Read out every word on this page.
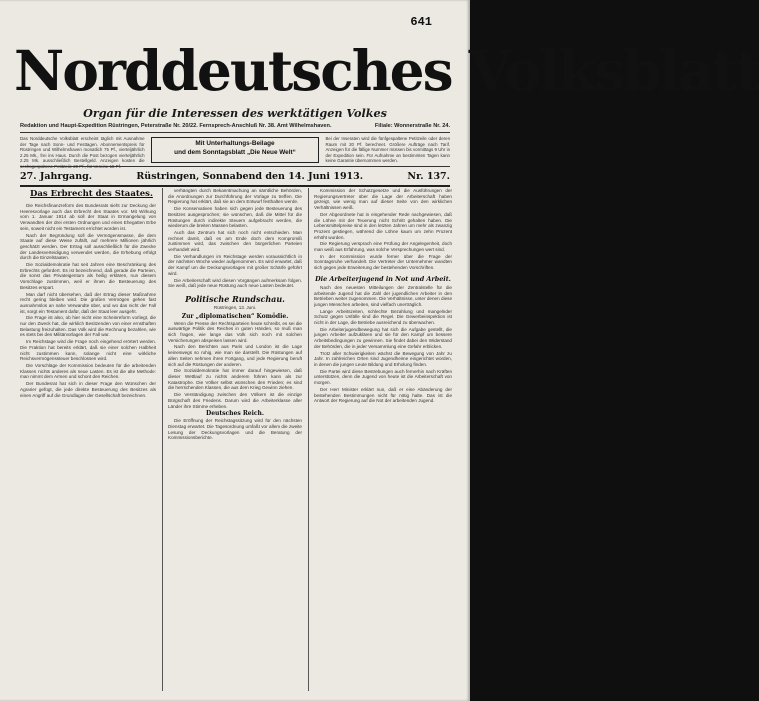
641
Norddeutsches Volksblatt
Organ für die Interessen des werktätigen Volkes
Redaktion und Haupt-Expedition Rüstringen, Peterstraße Nr. 20/22. Fernsprech-Anschluß Nr. 38. Amt Wilhelmshaven.	Filiale: Wonnerstraße Nr. 24.
Das Norddeutsche Volksblatt erscheint täglich mit Ausnahme der Tage nach Sonn- und Festtagen. Abonnementspreis für Rüstringen und Wilhelmshaven monatlich 75 Pf., vierteljährlich 2.25 Mk., frei ins Haus. Durch die Post bezogen vierteljährlich 2.25 Mk. ausschließlich Bestellgeld. Anzeigen kosten die sechsgespaltene Petitzeile 20 Pf., für Vereine 15 Pf.
Mit Unterhaltungs-Beilage
und dem Sonntagsblatt „Die Neue Welt“
Bei der Inseraten wird die fünfgespaltene Petitzeile oder deren Raum mit 20 Pf. berechnet. Größere Aufträge nach Tarif. Anzeigen für die fällige Nummer müssen bis vormittags 9 Uhr in der Expedition sein. Für Aufnahme an bestimmten Tagen kann keine Garantie übernommen werden.
27. Jahrgang.	Rüstringen, Sonnabend den 14. Juni 1913.	Nr. 137.
Das Erbrecht des Staates.

Die Reichsfinanzreform des Bundesrats sieht zur Deckung der Heeresvorlage auch das Erbrecht des Staates vor. Mit Wirkung vom 1. Januar 1914 ab soll der Staat in Ermangelung von Verwandten der drei ersten Ordnungen und eines Ehegatten Erbe sein, soweit nicht ein Testament errichtet worden ist.

Nach der Begründung soll die Vermögensmasse, die dem Staate auf diese Weise zufällt, auf mehrere Millionen jährlich geschätzt werden. Der Ertrag soll ausschließlich für die Zwecke der Landesverteidigung verwendet werden, die Erhebung erfolgt durch die Einzelstaaten.

Die Sozialdemokratie hat seit Jahren eine Beschränkung des Erbrechts gefordert. Es ist bezeichnend, daß gerade die Parteien, die sonst das Privateigentum als heilig erklären, nun diesem Vorschlage zustimmen, weil er ihnen die Besteuerung des Besitzes erspart.

Man darf nicht übersehen, daß der Ertrag dieser Maßnahme recht gering bleiben wird. Die großen Vermögen gehen fast ausnahmslos an nahe Verwandte über, und wo das nicht der Fall ist, sorgt ein Testament dafür, daß der Staat leer ausgeht.

Die Frage ist also, ob hier nicht eine Scheinreform vorliegt, die nur den Zweck hat, die wirklich Besitzenden von einer ernsthaften Belastung freizuhalten. Das Volk wird die Rechnung bezahlen, wie es stets bei den Militärvorlagen der Fall war.

Im Reichstage wird die Frage noch eingehend erörtert werden. Die Fraktion hat bereits erklärt, daß sie einer solchen Halbheit nicht zustimmen kann, solange nicht eine wirkliche Reichsvermögenssteuer beschlossen wird.

Die Vorschläge der Kommission bedeuten für die arbeitenden Klassen nichts anderes als neue Lasten. Es ist die alte Methode: man nimmt dem Armen und schont den Reichen.

Der Bundesrat hat sich in dieser Frage den Wünschen der Agrarier gefügt, die jede direkte Besteuerung des Besitzes als einen Angriff auf die Grundlagen der Gesellschaft bezeichnen.

verhängten durch Bekanntmachung an sämtliche Behörden, die Anordnungen zur Durchführung der Vorlage zu treffen. Die Regierung hat erklärt, daß sie an dem Entwurf festhalten werde.

Die Konservativen haben sich gegen jede Besteuerung des Besitzes ausgesprochen; sie wünschen, daß die Mittel für die Rüstungen durch indirekte Steuern aufgebracht werden, die wiederum die breiten Massen belasten.

Auch das Zentrum hat sich noch nicht entschieden. Man rechnet damit, daß es am Ende doch dem Kompromiß zustimmen wird, das zwischen den bürgerlichen Parteien verhandelt wird.

Die Verhandlungen im Reichstage werden voraussichtlich in der nächsten Woche wieder aufgenommen. Es wird erwartet, daß der Kampf um die Deckungsvorlagen mit großer Schärfe geführt wird.

Die Arbeiterschaft wird diesen Vorgängen aufmerksam folgen. Sie weiß, daß jede neue Rüstung auch neue Lasten bedeutet.

Politische Rundschau.
Rüstringen, 13. Juni.
Zur „diplomatischen“ Komödie.

Wenn die Presse der Rechtsparteien heute schreibt, es sei die auswärtige Politik des Reiches in guten Händen, so muß man sich fragen, wie lange das Volk sich noch mit solchen Versicherungen abspeisen lassen wird.

Nach den Berichten aus Paris und London ist die Lage keineswegs so ruhig, wie man sie darstellt. Die Rüstungen auf allen Seiten nehmen ihren Fortgang, und jede Regierung beruft sich auf die Rüstungen der anderen.

Die Sozialdemokratie hat immer darauf hingewiesen, daß dieser Wettlauf zu nichts anderem führen kann als zur Katastrophe. Die Völker selbst wünschen den Frieden; es sind die herrschenden Klassen, die aus dem Krieg Gewinn ziehen.

Die Verständigung zwischen den Völkern ist die einzige Bürgschaft des Friedens. Darum wird die Arbeiterklasse aller Länder ihre Stimme erheben.

Deutsches Reich.

Die Eröffnung der Reichstagssitzung wird für den nächsten Dienstag erwartet. Die Tagesordnung umfaßt vor allem die zweite Lesung der Deckungsvorlagen und die Beratung der Kommissionsberichte.

Kommission der Schutzgesetze und die Ausführungen der Regierungsvertreter über die Lage der Arbeiterschaft haben gezeigt, wie wenig man auf dieser Seite von den wirklichen Verhältnissen weiß.

Der Abgeordnete hat in eingehender Rede nachgewiesen, daß die Löhne mit der Teuerung nicht Schritt gehalten haben. Die Lebensmittelpreise sind in den letzten Jahren um mehr als zwanzig Prozent gestiegen, während die Löhne kaum um zehn Prozent erhöht wurden.

Die Regierung versprach eine Prüfung der Angelegenheit, doch man weiß aus Erfahrung, was solche Versprechungen wert sind.

In der Kommission wurde ferner über die Frage der Sonntagsruhe verhandelt. Die Vertreter der Unternehmer wandten sich gegen jede Erweiterung der bestehenden Vorschriften.

Die Arbeiterjugend in Not und Arbeit.

Nach den neuesten Mitteilungen der Zentralstelle für die arbeitende Jugend hat die Zahl der jugendlichen Arbeiter in den Betrieben weiter zugenommen. Die Verhältnisse, unter denen diese jungen Menschen arbeiten, sind vielfach unerträglich.

Lange Arbeitszeiten, schlechte Bezahlung und mangelnder Schutz gegen Unfälle sind die Regel. Die Gewerbeinspektion ist nicht in der Lage, die Betriebe ausreichend zu überwachen.

Die Arbeiterjugendbewegung hat sich die Aufgabe gestellt, die jungen Arbeiter aufzuklären und sie für den Kampf um bessere Arbeitsbedingungen zu gewinnen. Sie findet dabei den Widerstand der Behörden, die in jeder Versammlung eine Gefahr erblicken.

Trotz aller Schwierigkeiten wächst die Bewegung von Jahr zu Jahr. In zahlreichen Orten sind Jugendheime eingerichtet worden, in denen die jungen Leute Bildung und Erholung finden.

Die Partei wird diese Bestrebungen auch fernerhin nach Kräften unterstützen, denn die Jugend von heute ist die Arbeiterschaft von morgen.

Der Herr Minister erklärt nun, daß er eine Abänderung der bestehenden Bestimmungen nicht für nötig halte. Das ist die Antwort der Regierung auf die Not der arbeitenden Jugend.
